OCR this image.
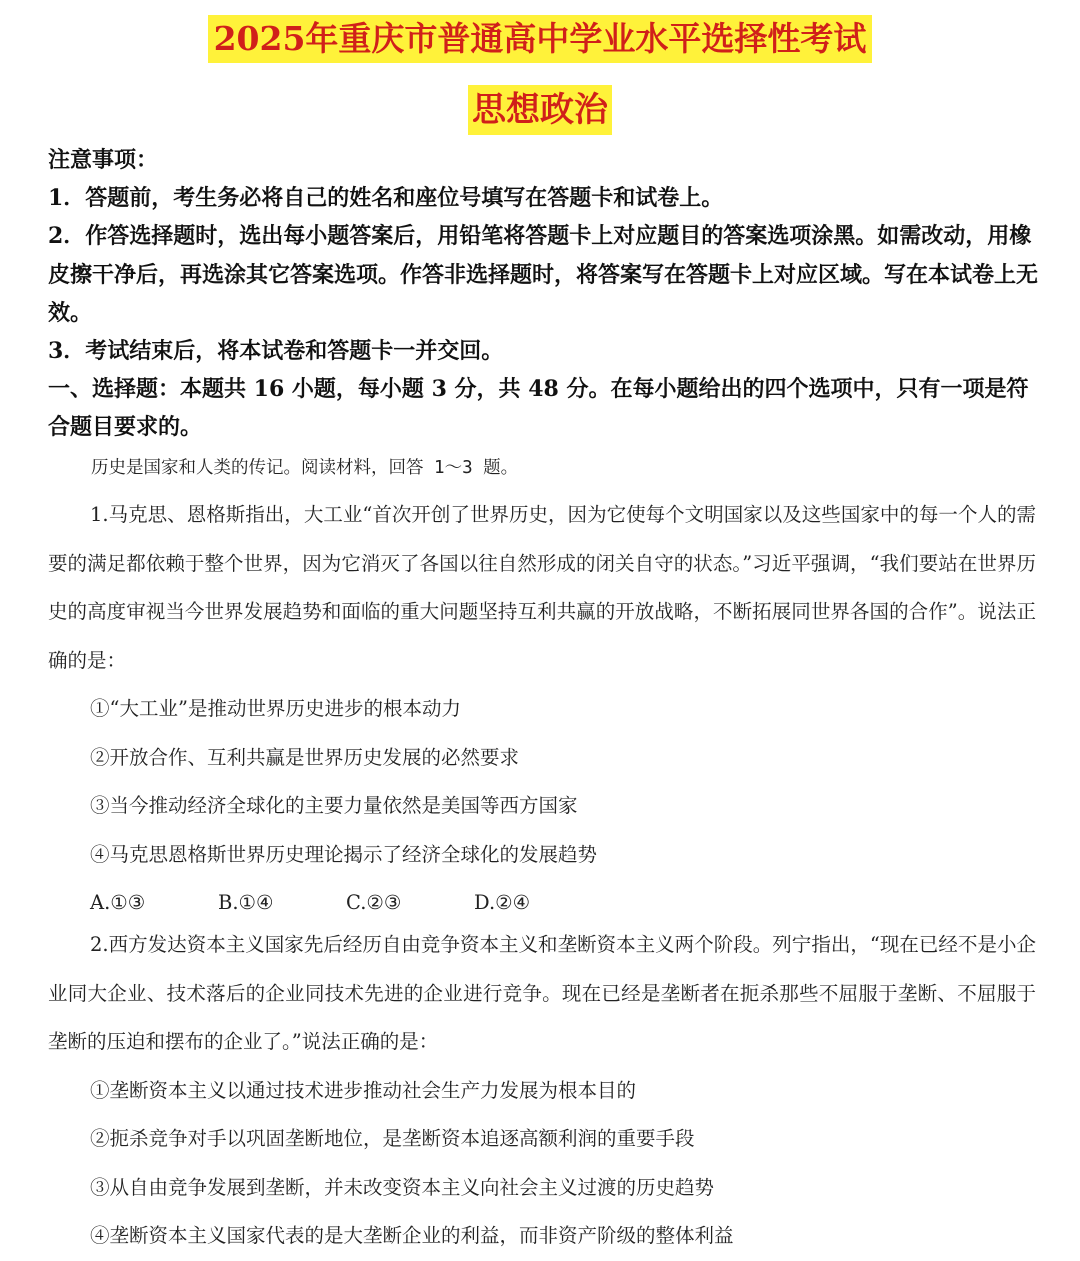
2025年重庆市普通高中学业水平选择性考试
思想政治

注意事项：

1．答题前，考生务必将自己的姓名和座位号填写在答题卡和试卷上。

2．作答选择题时，选出每小题答案后，用铅笔将答题卡上对应题目的答案选项涂黑。如需改动，用橡皮擦干净后，再选涂其它答案选项。作答非选择题时，将答案写在答题卡上对应区域。写在本试卷上无效。

3．考试结束后，将本试卷和答题卡一并交回。

一、选择题：本题共 16 小题，每小题 3 分，共 48 分。在每小题给出的四个选项中，只有一项是符合题目要求的。

历史是国家和人类的传记。阅读材料，回答 1～3 题。

1.马克思、恩格斯指出，大工业“首次开创了世界历史，因为它使每个文明国家以及这些国家中的每一个人的需要的满足都依赖于整个世界，因为它消灭了各国以往自然形成的闭关自守的状态。”习近平强调，“我们要站在世界历史的高度审视当今世界发展趋势和面临的重大问题坚持互利共赢的开放战略，不断拓展同世界各国的合作”。说法正确的是：

①“大工业”是推动世界历史进步的根本动力

②开放合作、互利共赢是世界历史发展的必然要求

③当今推动经济全球化的主要力量依然是美国等西方国家

④马克思恩格斯世界历史理论揭示了经济全球化的发展趋势

A.①③	B.①④	C.②③	D.②④

2.西方发达资本主义国家先后经历自由竞争资本主义和垄断资本主义两个阶段。列宁指出，“现在已经不是小企业同大企业、技术落后的企业同技术先进的企业进行竞争。现在已经是垄断者在扼杀那些不屈服于垄断、不屈服于垄断的压迫和摆布的企业了。”说法正确的是：

①垄断资本主义以通过技术进步推动社会生产力发展为根本目的

②扼杀竞争对手以巩固垄断地位，是垄断资本追逐高额利润的重要手段

③从自由竞争发展到垄断，并未改变资本主义向社会主义过渡的历史趋势

④垄断资本主义国家代表的是大垄断企业的利益，而非资产阶级的整体利益
